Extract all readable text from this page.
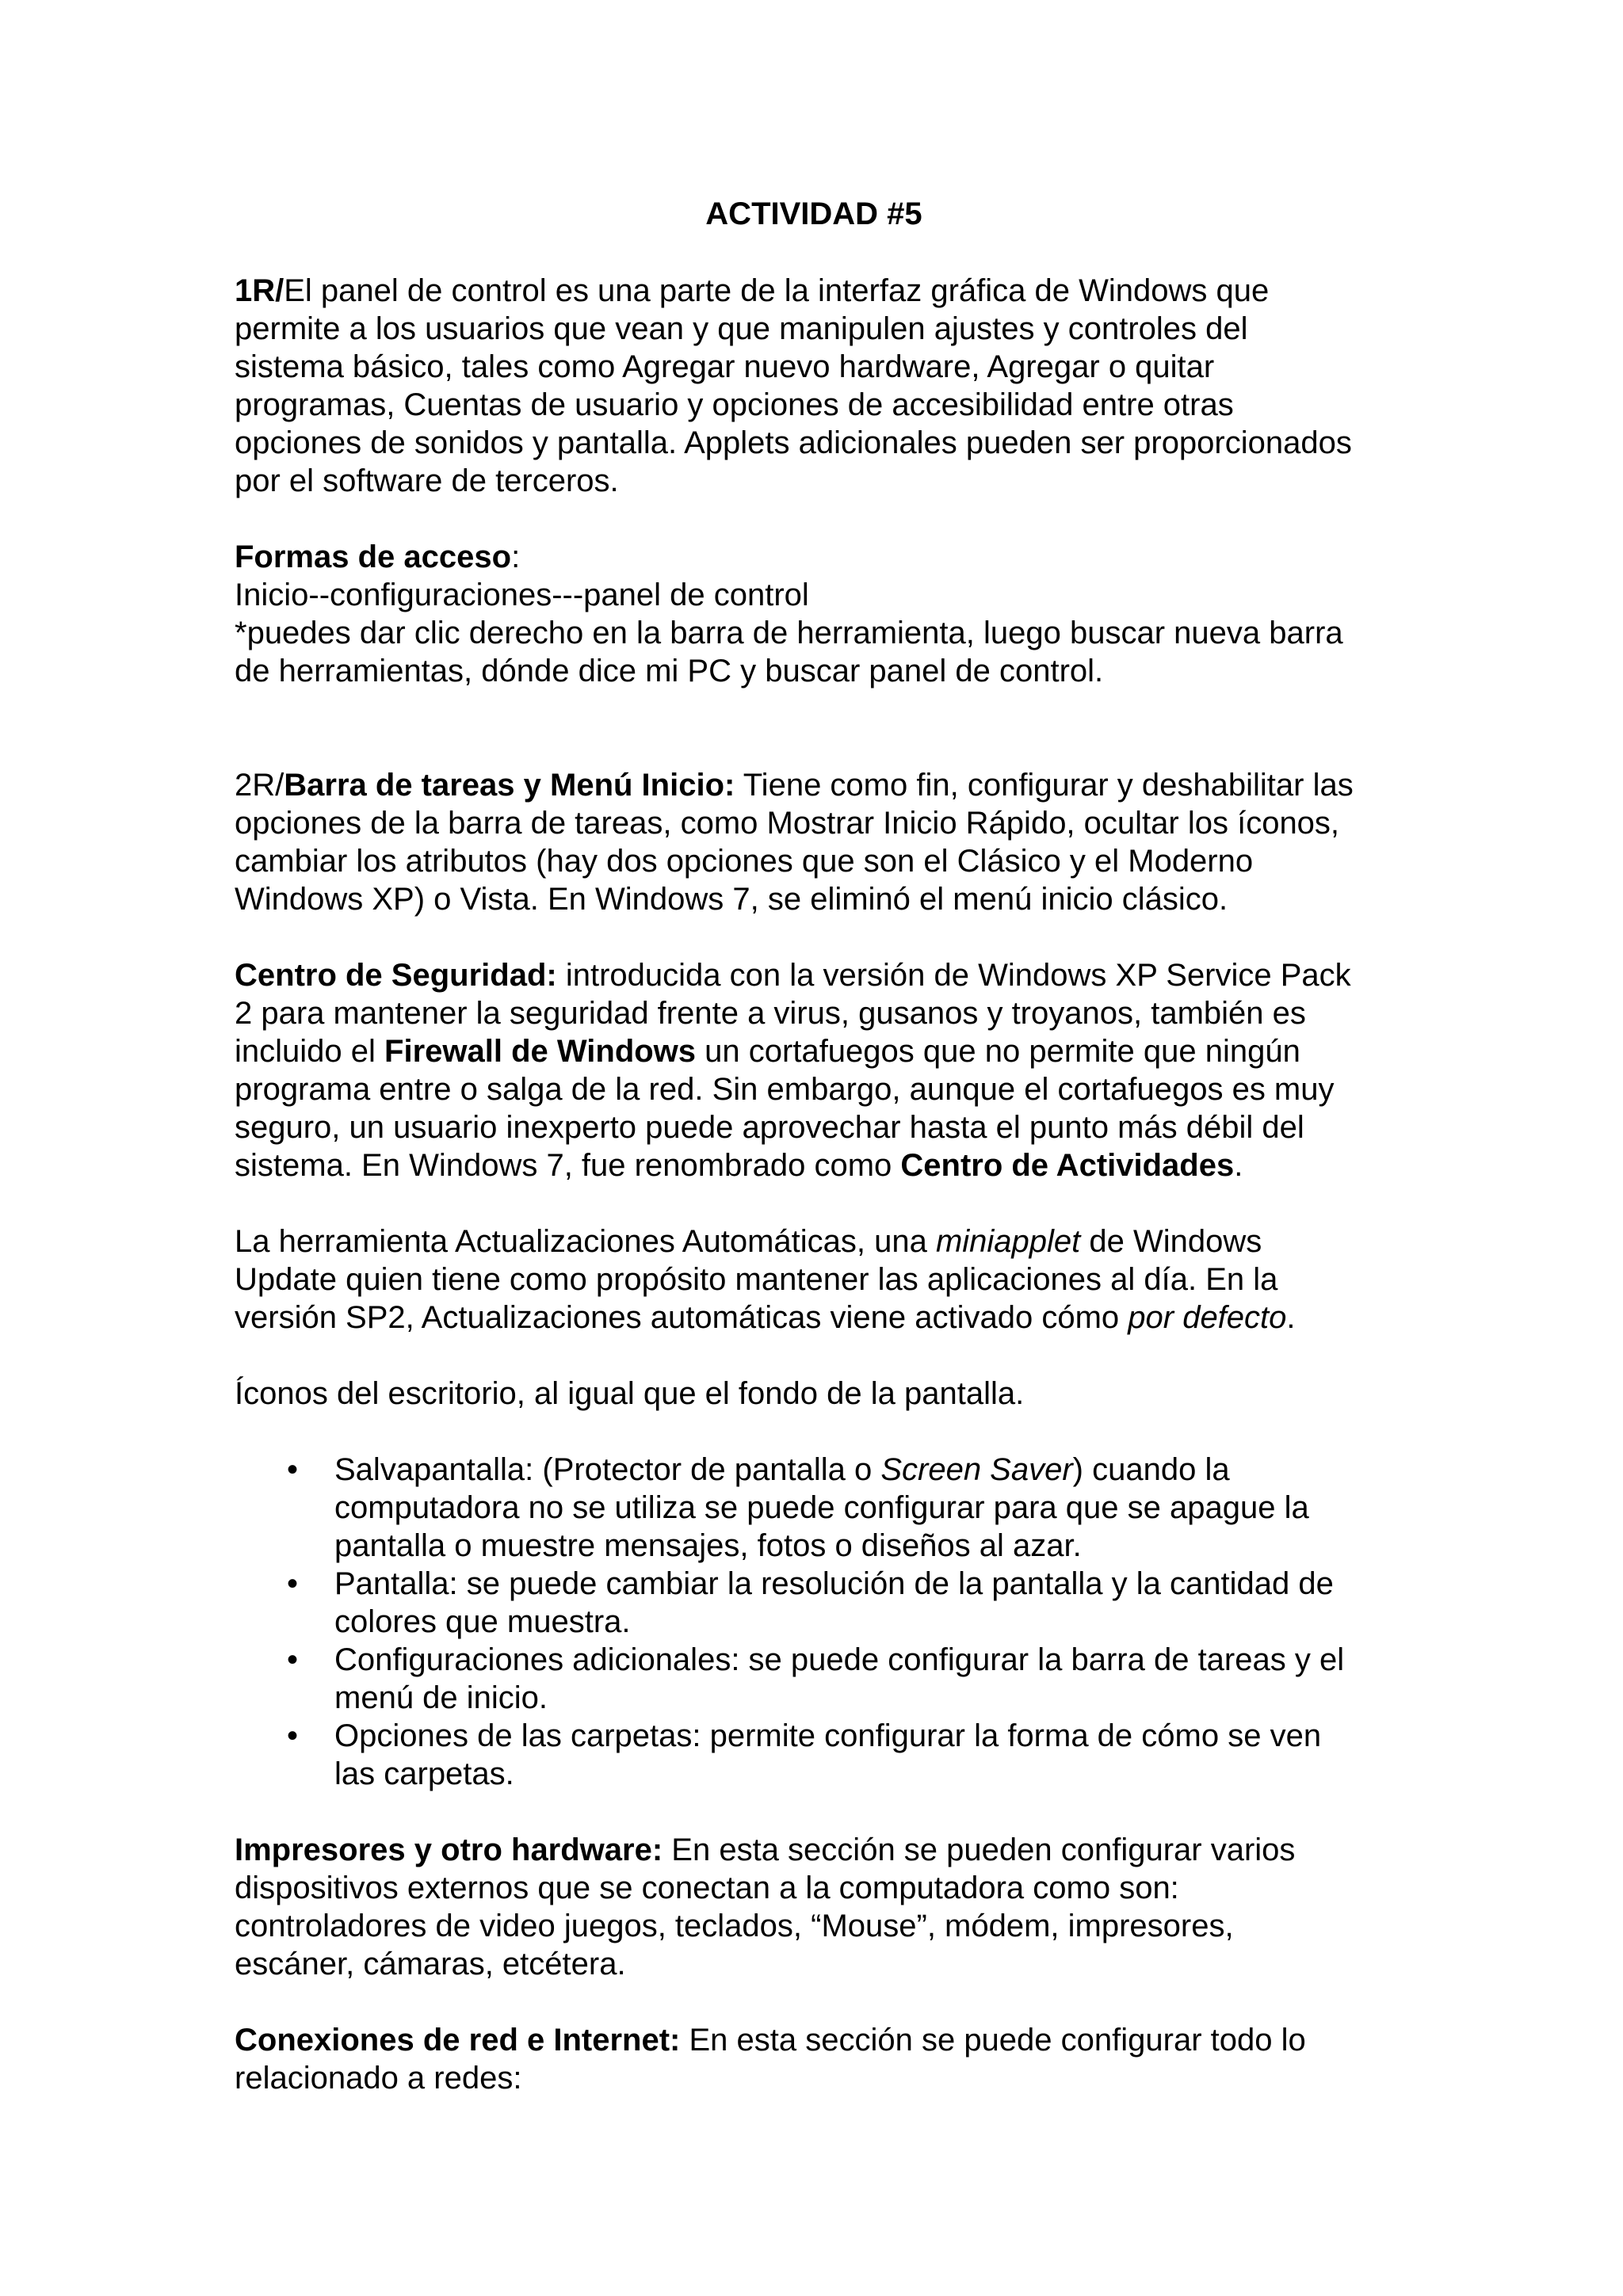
ACTIVIDAD #5

1R/El panel de control es una parte de la interfaz gráfica de Windows que
permite a los usuarios que vean y que manipulen ajustes y controles del
sistema básico, tales como Agregar nuevo hardware, Agregar o quitar
programas, Cuentas de usuario y opciones de accesibilidad entre otras
opciones de sonidos y pantalla. Applets adicionales pueden ser proporcionados
por el software de terceros.

Formas de acceso:
Inicio--configuraciones---panel de control
*puedes dar clic derecho en la barra de herramienta, luego buscar nueva barra
de herramientas, dónde dice mi PC y buscar panel de control.

2R/Barra de tareas y Menú Inicio: Tiene como fin, configurar y deshabilitar las
opciones de la barra de tareas, como Mostrar Inicio Rápido, ocultar los íconos,
cambiar los atributos (hay dos opciones que son el Clásico y el Moderno
Windows XP) o Vista. En Windows 7, se eliminó el menú inicio clásico.

Centro de Seguridad: introducida con la versión de Windows XP Service Pack
2 para mantener la seguridad frente a virus, gusanos y troyanos, también es
incluido el Firewall de Windows un cortafuegos que no permite que ningún
programa entre o salga de la red. Sin embargo, aunque el cortafuegos es muy
seguro, un usuario inexperto puede aprovechar hasta el punto más débil del
sistema. En Windows 7, fue renombrado como Centro de Actividades.

La herramienta Actualizaciones Automáticas, una miniapplet de Windows
Update quien tiene como propósito mantener las aplicaciones al día. En la
versión SP2, Actualizaciones automáticas viene activado cómo por defecto.

Íconos del escritorio, al igual que el fondo de la pantalla.

• Salvapantalla: (Protector de pantalla o Screen Saver) cuando la
computadora no se utiliza se puede configurar para que se apague la
pantalla o muestre mensajes, fotos o diseños al azar.
• Pantalla: se puede cambiar la resolución de la pantalla y la cantidad de
colores que muestra.
• Configuraciones adicionales: se puede configurar la barra de tareas y el
menú de inicio.
• Opciones de las carpetas: permite configurar la forma de cómo se ven
las carpetas.

Impresores y otro hardware: En esta sección se pueden configurar varios
dispositivos externos que se conectan a la computadora como son:
controladores de video juegos, teclados, “Mouse”, módem, impresores,
escáner, cámaras, etcétera.

Conexiones de red e Internet: En esta sección se puede configurar todo lo
relacionado a redes:
